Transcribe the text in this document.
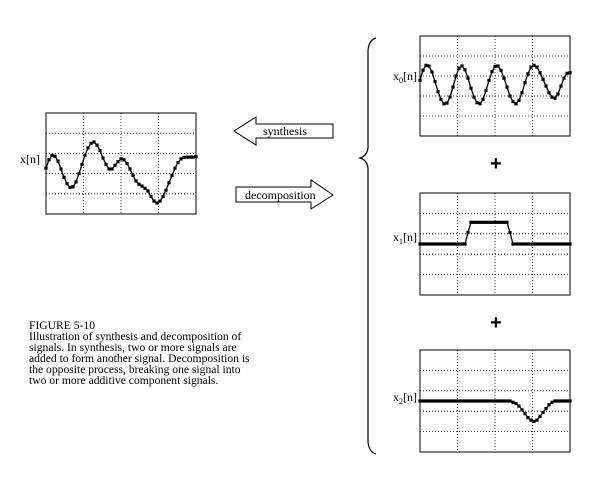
x[n]
synthesis
decomposition
$x_0[n]$
+
$x_1[n]$
+
$x_2[n]$
FIGURE 5-10
Illustration of synthesis and decomposition of
signals. In synthesis, two or more signals are
added to form another signal. Decomposition is
the opposite process, breaking one signal into
two or more additive component signals.
